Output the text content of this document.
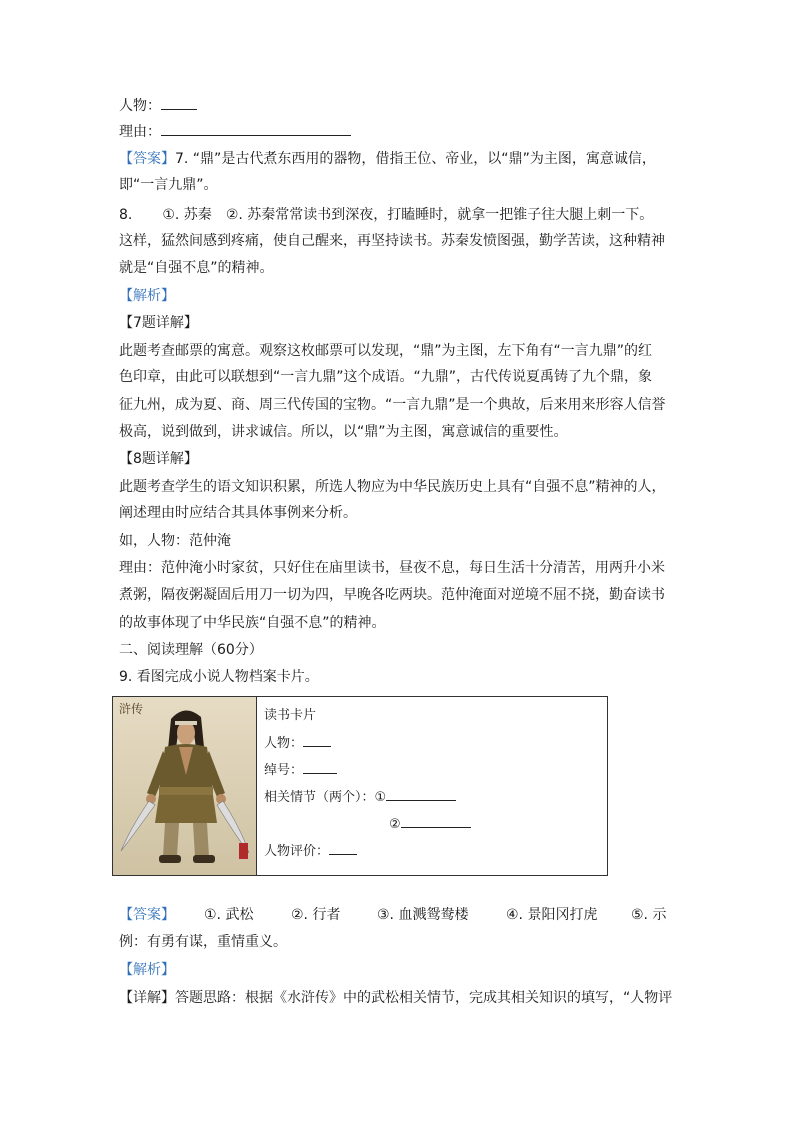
人物：
理由：
【答案】7. “鼎”是古代煮东西用的器物，借指王位、帝业，以“鼎”为主图，寓意诚信，
即“一言九鼎”。
8. ①. 苏秦 ②. 苏秦常常读书到深夜，打瞌睡时，就拿一把锥子往大腿上刺一下。
这样，猛然间感到疼痛，使自己醒来，再坚持读书。苏秦发愤图强，勤学苦读，这种精神
就是“自强不息”的精神。
【解析】
【7题详解】
此题考查邮票的寓意。观察这枚邮票可以发现，“鼎”为主图，左下角有“一言九鼎”的红
色印章，由此可以联想到“一言九鼎”这个成语。“九鼎”，古代传说夏禹铸了九个鼎，象
征九州，成为夏、商、周三代传国的宝物。“一言九鼎”是一个典故，后来用来形容人信誉
极高，说到做到，讲求诚信。所以，以“鼎”为主图，寓意诚信的重要性。
【8题详解】
此题考查学生的语文知识积累，所选人物应为中华民族历史上具有“自强不息”精神的人，
阐述理由时应结合其具体事例来分析。
如，人物：范仲淹
理由：范仲淹小时家贫，只好住在庙里读书，昼夜不息，每日生活十分清苦，用两升小米
煮粥，隔夜粥凝固后用刀一切为四，早晚各吃两块。范仲淹面对逆境不屈不挠，勤奋读书
的故事体现了中华民族“自强不息”的精神。
二、阅读理解（60分）
9. 看图完成小说人物档案卡片。
浒传	读书卡片
人物：
绰号：
相关情节（两个）：①
②
人物评价：
【答案】 ①. 武松	②. 行者	③. 血溅鸳鸯楼	④. 景阳冈打虎 ⑤. 示
例：有勇有谋，重情重义。
【解析】
【详解】答题思路：根据《水浒传》中的武松相关情节，完成其相关知识的填写，“人物评
